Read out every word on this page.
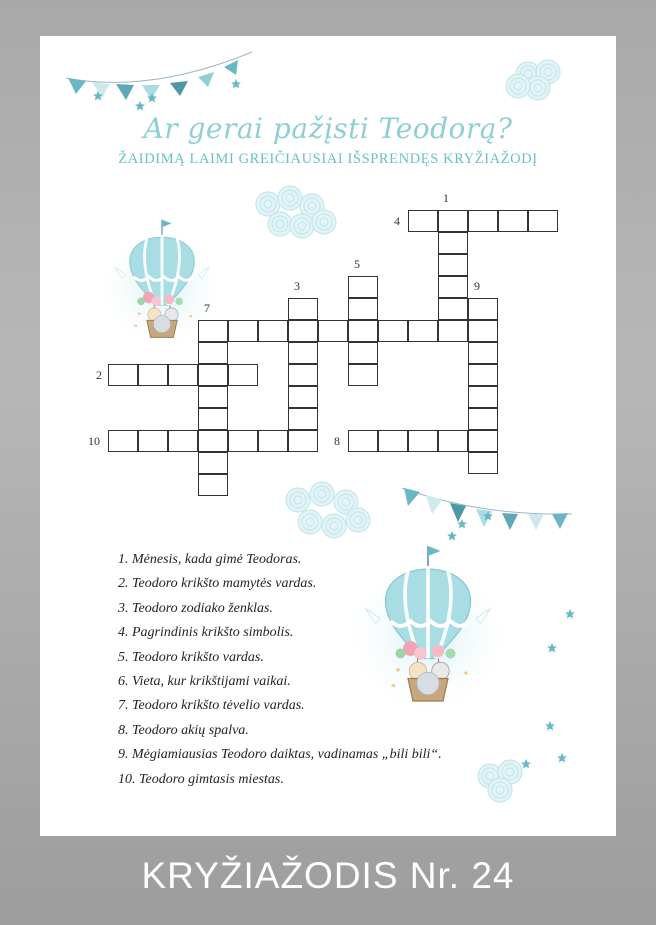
Ar gerai pažįsti Teodorą?
ŽAIDIMĄ LAIMI GREIČIAUSIAI IŠSPRENDĘS KRYŽIAŽODĮ
1
2
3
4
5
7
8
9
10
1. Mėnesis, kada gimė Teodoras.
2. Teodoro krikšto mamytės vardas.
3. Teodoro zodiako ženklas.
4. Pagrindinis krikšto simbolis.
5. Teodoro krikšto vardas.
6. Vieta, kur krikštijami vaikai.
7. Teodoro krikšto tėvelio vardas.
8. Teodoro akių spalva.
9. Mėgiamiausias Teodoro daiktas, vadinamas „bili bili“.
10. Teodoro gimtasis miestas.
KRYŽIAŽODIS Nr. 24
